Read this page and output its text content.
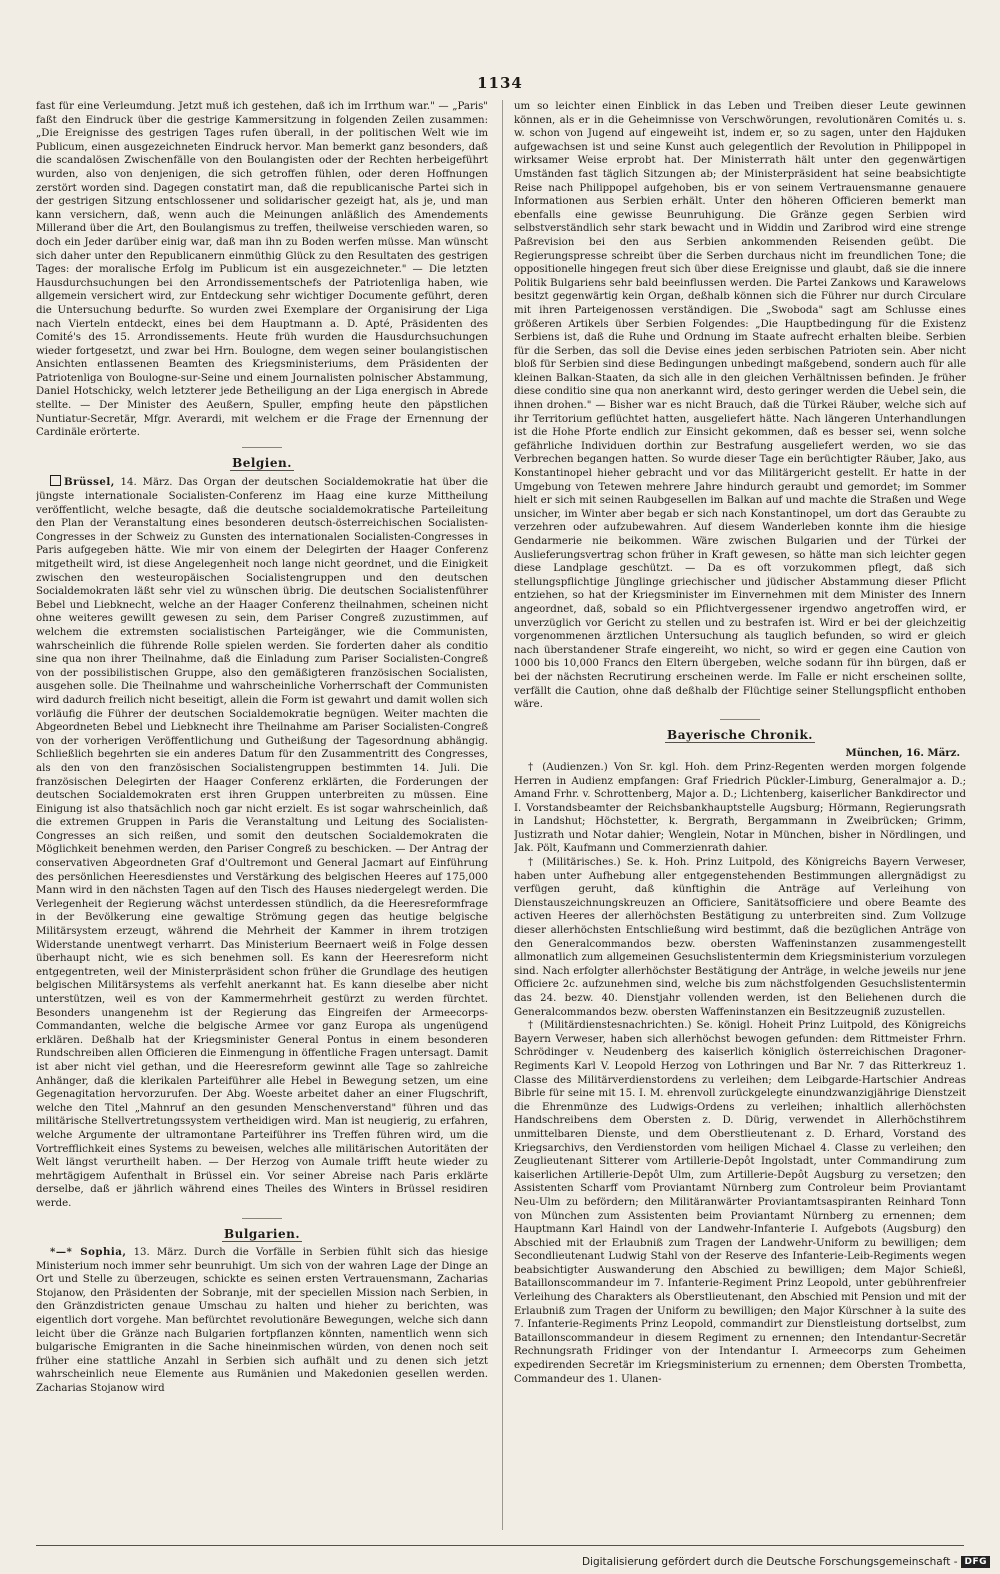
1134

fast für eine Verleumdung. Jetzt muß ich gestehen, daß ich im Irrthum war." — „Paris" faßt den Eindruck über die gestrige Kammersitzung in folgenden Zeilen zusammen: „Die Ereignisse des gestrigen Tages rufen überall, in der politischen Welt wie im Publicum, einen ausgezeichneten Eindruck hervor. Man bemerkt ganz besonders, daß die scandalösen Zwischenfälle von den Boulangisten oder der Rechten herbeigeführt wurden, also von denjenigen, die sich getroffen fühlen, oder deren Hoffnungen zerstört worden sind. Dagegen constatirt man, daß die republicanische Partei sich in der gestrigen Sitzung entschlossener und solidarischer gezeigt hat, als je, und man kann versichern, daß, wenn auch die Meinungen anläßlich des Amendements Millerand über die Art, den Boulangismus zu treffen, theilweise verschieden waren, so doch ein Jeder darüber einig war, daß man ihn zu Boden werfen müsse. Man wünscht sich daher unter den Republicanern einmüthig Glück zu den Resultaten des gestrigen Tages: der moralische Erfolg im Publicum ist ein ausgezeichneter." — Die letzten Hausdurchsuchungen bei den Arrondissementschefs der Patriotenliga haben, wie allgemein versichert wird, zur Entdeckung sehr wichtiger Documente geführt, deren die Untersuchung bedurfte. So wurden zwei Exemplare der Organisirung der Liga nach Vierteln entdeckt, eines bei dem Hauptmann a. D. Apté, Präsidenten des Comité's des 15. Arrondissements. Heute früh wurden die Hausdurchsuchungen wieder fortgesetzt, und zwar bei Hrn. Boulogne, dem wegen seiner boulangistischen Ansichten entlassenen Beamten des Kriegsministeriums, dem Präsidenten der Patriotenliga von Boulogne-sur-Seine und einem Journalisten polnischer Abstammung, Daniel Hotschicky, welch letzterer jede Betheiligung an der Liga energisch in Abrede stellte. — Der Minister des Aeußern, Spuller, empfing heute den päpstlichen Nuntiatur-Secretär, Mfgr. Averardi, mit welchem er die Frage der Ernennung der Cardinäle erörterte.

Belgien.

Brüssel, 14. März. Das Organ der deutschen Socialdemokratie hat über die jüngste internationale Socialisten-Conferenz im Haag eine kurze Mittheilung veröffentlicht, welche besagte, daß die deutsche socialdemokratische Parteileitung den Plan der Veranstaltung eines besonderen deutsch-österreichischen Socialisten-Congresses in der Schweiz zu Gunsten des internationalen Socialisten-Congresses in Paris aufgegeben hätte. Wie mir von einem der Delegirten der Haager Conferenz mitgetheilt wird, ist diese Angelegenheit noch lange nicht geordnet, und die Einigkeit zwischen den westeuropäischen Socialistengruppen und den deutschen Socialdemokraten läßt sehr viel zu wünschen übrig. Die deutschen Socialistenführer Bebel und Liebknecht, welche an der Haager Conferenz theilnahmen, scheinen nicht ohne weiteres gewillt gewesen zu sein, dem Pariser Congreß zuzustimmen, auf welchem die extremsten socialistischen Parteigänger, wie die Communisten, wahrscheinlich die führende Rolle spielen werden. Sie forderten daher als conditio sine qua non ihrer Theilnahme, daß die Einladung zum Pariser Socialisten-Congreß von der possibilistischen Gruppe, also den gemäßigteren französischen Socialisten, ausgehen solle. Die Theilnahme und wahrscheinliche Vorherrschaft der Communisten wird dadurch freilich nicht beseitigt, allein die Form ist gewahrt und damit wollen sich vorläufig die Führer der deutschen Socialdemokratie begnügen. Weiter machten die Abgeordneten Bebel und Liebknecht ihre Theilnahme am Pariser Socialisten-Congreß von der vorherigen Veröffentlichung und Gutheißung der Tagesordnung abhängig. Schließlich begehrten sie ein anderes Datum für den Zusammentritt des Congresses, als den von den französischen Socialistengruppen bestimmten 14. Juli. Die französischen Delegirten der Haager Conferenz erklärten, die Forderungen der deutschen Socialdemokraten erst ihren Gruppen unterbreiten zu müssen. Eine Einigung ist also thatsächlich noch gar nicht erzielt. Es ist sogar wahrscheinlich, daß die extremen Gruppen in Paris die Veranstaltung und Leitung des Socialisten-Congresses an sich reißen, und somit den deutschen Socialdemokraten die Möglichkeit benehmen werden, den Pariser Congreß zu beschicken. — Der Antrag der conservativen Abgeordneten Graf d'Oultremont und General Jacmart auf Einführung des persönlichen Heeresdienstes und Verstärkung des belgischen Heeres auf 175,000 Mann wird in den nächsten Tagen auf den Tisch des Hauses niedergelegt werden. Die Verlegenheit der Regierung wächst unterdessen stündlich, da die Heeresreformfrage in der Bevölkerung eine gewaltige Strömung gegen das heutige belgische Militärsystem erzeugt, während die Mehrheit der Kammer in ihrem trotzigen Widerstande unentwegt verharrt. Das Ministerium Beernaert weiß in Folge dessen überhaupt nicht, wie es sich benehmen soll. Es kann der Heeresreform nicht entgegentreten, weil der Ministerpräsident schon früher die Grundlage des heutigen belgischen Militärsystems als verfehlt anerkannt hat. Es kann dieselbe aber nicht unterstützen, weil es von der Kammermehrheit gestürzt zu werden fürchtet. Besonders unangenehm ist der Regierung das Eingreifen der Armeecorps-Commandanten, welche die belgische Armee vor ganz Europa als ungenügend erklären. Deßhalb hat der Kriegsminister General Pontus in einem besonderen Rundschreiben allen Officieren die Einmengung in öffentliche Fragen untersagt. Damit ist aber nicht viel gethan, und die Heeresreform gewinnt alle Tage so zahlreiche Anhänger, daß die klerikalen Parteiführer alle Hebel in Bewegung setzen, um eine Gegenagitation hervorzurufen. Der Abg. Woeste arbeitet daher an einer Flugschrift, welche den Titel „Mahnruf an den gesunden Menschenverstand" führen und das militärische Stellvertretungssystem vertheidigen wird. Man ist neugierig, zu erfahren, welche Argumente der ultramontane Parteiführer ins Treffen führen wird, um die Vortrefflichkeit eines Systems zu beweisen, welches alle militärischen Autoritäten der Welt längst verurtheilt haben. — Der Herzog von Aumale trifft heute wieder zu mehrtägigem Aufenthalt in Brüssel ein. Vor seiner Abreise nach Paris erklärte derselbe, daß er jährlich während eines Theiles des Winters in Brüssel residiren werde.

Bulgarien.

*—* Sophia, 13. März. Durch die Vorfälle in Serbien fühlt sich das hiesige Ministerium noch immer sehr beunruhigt. Um sich von der wahren Lage der Dinge an Ort und Stelle zu überzeugen, schickte es seinen ersten Vertrauensmann, Zacharias Stojanow, den Präsidenten der Sobranje, mit der speciellen Mission nach Serbien, in den Gränzdistricten genaue Umschau zu halten und hieher zu berichten, was eigentlich dort vorgehe. Man befürchtet revolutionäre Bewegungen, welche sich dann leicht über die Gränze nach Bulgarien fortpflanzen könnten, namentlich wenn sich bulgarische Emigranten in die Sache hineinmischen würden, von denen noch seit früher eine stattliche Anzahl in Serbien sich aufhält und zu denen sich jetzt wahrscheinlich neue Elemente aus Rumänien und Makedonien gesellen werden. Zacharias Stojanow wird

um so leichter einen Einblick in das Leben und Treiben dieser Leute gewinnen können, als er in die Geheimnisse von Verschwörungen, revolutionären Comités u. s. w. schon von Jugend auf eingeweiht ist, indem er, so zu sagen, unter den Hajduken aufgewachsen ist und seine Kunst auch gelegentlich der Revolution in Philippopel in wirksamer Weise erprobt hat. Der Ministerrath hält unter den gegenwärtigen Umständen fast täglich Sitzungen ab; der Ministerpräsident hat seine beabsichtigte Reise nach Philippopel aufgehoben, bis er von seinem Vertrauensmanne genauere Informationen aus Serbien erhält. Unter den höheren Officieren bemerkt man ebenfalls eine gewisse Beunruhigung. Die Gränze gegen Serbien wird selbstverständlich sehr stark bewacht und in Widdin und Zaribrod wird eine strenge Paßrevision bei den aus Serbien ankommenden Reisenden geübt. Die Regierungspresse schreibt über die Serben durchaus nicht im freundlichen Tone; die oppositionelle hingegen freut sich über diese Ereignisse und glaubt, daß sie die innere Politik Bulgariens sehr bald beeinflussen werden. Die Partei Zankows und Karawelows besitzt gegenwärtig kein Organ, deßhalb können sich die Führer nur durch Circulare mit ihren Parteigenossen verständigen. Die „Swoboda" sagt am Schlusse eines größeren Artikels über Serbien Folgendes: „Die Hauptbedingung für die Existenz Serbiens ist, daß die Ruhe und Ordnung im Staate aufrecht erhalten bleibe. Serbien für die Serben, das soll die Devise eines jeden serbischen Patrioten sein. Aber nicht bloß für Serbien sind diese Bedingungen unbedingt maßgebend, sondern auch für alle kleinen Balkan-Staaten, da sich alle in den gleichen Verhältnissen befinden. Je früher diese conditio sine qua non anerkannt wird, desto geringer werden die Uebel sein, die ihnen drohen." — Bisher war es nicht Brauch, daß die Türkei Räuber, welche sich auf ihr Territorium geflüchtet hatten, ausgeliefert hätte. Nach längeren Unterhandlungen ist die Hohe Pforte endlich zur Einsicht gekommen, daß es besser sei, wenn solche gefährliche Individuen dorthin zur Bestrafung ausgeliefert werden, wo sie das Verbrechen begangen hatten. So wurde dieser Tage ein berüchtigter Räuber, Jako, aus Konstantinopel hieher gebracht und vor das Militärgericht gestellt. Er hatte in der Umgebung von Tetewen mehrere Jahre hindurch geraubt und gemordet; im Sommer hielt er sich mit seinen Raubgesellen im Balkan auf und machte die Straßen und Wege unsicher, im Winter aber begab er sich nach Konstantinopel, um dort das Geraubte zu verzehren oder aufzubewahren. Auf diesem Wanderleben konnte ihm die hiesige Gendarmerie nie beikommen. Wäre zwischen Bulgarien und der Türkei der Auslieferungsvertrag schon früher in Kraft gewesen, so hätte man sich leichter gegen diese Landplage geschützt. — Da es oft vorzukommen pflegt, daß sich stellungspflichtige Jünglinge griechischer und jüdischer Abstammung dieser Pflicht entziehen, so hat der Kriegsminister im Einvernehmen mit dem Minister des Innern angeordnet, daß, sobald so ein Pflichtvergessener irgendwo angetroffen wird, er unverzüglich vor Gericht zu stellen und zu bestrafen ist. Wird er bei der gleichzeitig vorgenommenen ärztlichen Untersuchung als tauglich befunden, so wird er gleich nach überstandener Strafe eingereiht, wo nicht, so wird er gegen eine Caution von 1000 bis 10,000 Francs den Eltern übergeben, welche sodann für ihn bürgen, daß er bei der nächsten Recrutirung erscheinen werde. Im Falle er nicht erscheinen sollte, verfällt die Caution, ohne daß deßhalb der Flüchtige seiner Stellungspflicht enthoben wäre.

Bayerische Chronik.
München, 16. März.

† (Audienzen.) Von Sr. kgl. Hoh. dem Prinz-Regenten werden morgen folgende Herren in Audienz empfangen: Graf Friedrich Pückler-Limburg, Generalmajor a. D.; Amand Frhr. v. Schrottenberg, Major a. D.; Lichtenberg, kaiserlicher Bankdirector und I. Vorstandsbeamter der Reichsbankhauptstelle Augsburg; Hörmann, Regierungsrath in Landshut; Höchstetter, k. Bergrath, Bergammann in Zweibrücken; Grimm, Justizrath und Notar dahier; Wenglein, Notar in München, bisher in Nördlingen, und Jak. Pölt, Kaufmann und Commerzienrath dahier.

† (Militärisches.) Se. k. Hoh. Prinz Luitpold, des Königreichs Bayern Verweser, haben unter Aufhebung aller entgegenstehenden Bestimmungen allergnädigst zu verfügen geruht, daß künftighin die Anträge auf Verleihung von Dienstauszeichnungskreuzen an Officiere, Sanitätsofficiere und obere Beamte des activen Heeres der allerhöchsten Bestätigung zu unterbreiten sind. Zum Vollzuge dieser allerhöchsten Entschließung wird bestimmt, daß die bezüglichen Anträge von den Generalcommandos bezw. obersten Waffeninstanzen zusammengestellt allmonatlich zum allgemeinen Gesuchslistentermin dem Kriegsministerium vorzulegen sind. Nach erfolgter allerhöchster Bestätigung der Anträge, in welche jeweils nur jene Officiere 2c. aufzunehmen sind, welche bis zum nächstfolgenden Gesuchslistentermin das 24. bezw. 40. Dienstjahr vollenden werden, ist den Beliehenen durch die Generalcommandos bezw. obersten Waffeninstanzen ein Besitzzeugniß zuzustellen.

† (Militärdienstesnachrichten.) Se. königl. Hoheit Prinz Luitpold, des Königreichs Bayern Verweser, haben sich allerhöchst bewogen gefunden: dem Rittmeister Frhrn. Schrödinger v. Neudenberg des kaiserlich königlich österreichischen Dragoner-Regiments Karl V. Leopold Herzog von Lothringen und Bar Nr. 7 das Ritterkreuz 1. Classe des Militärverdienstordens zu verleihen; dem Leibgarde-Hartschier Andreas Bibrle für seine mit 15. I. M. ehrenvoll zurückgelegte einundzwanzigjährige Dienstzeit die Ehrenmünze des Ludwigs-Ordens zu verleihen; inhaltlich allerhöchsten Handschreibens dem Obersten z. D. Dürig, verwendet in Allerhöchstihrem unmittelbaren Dienste, und dem Oberstlieutenant z. D. Erhard, Vorstand des Kriegsarchivs, den Verdienstorden vom heiligen Michael 4. Classe zu verleihen; den Zeuglieutenant Sitterer vom Artillerie-Depôt Ingolstadt, unter Commandirung zum kaiserlichen Artillerie-Depôt Ulm, zum Artillerie-Depôt Augsburg zu versetzen; den Assistenten Scharff vom Proviantamt Nürnberg zum Controleur beim Proviantamt Neu-Ulm zu befördern; den Militäranwärter Proviantamtsaspiranten Reinhard Tonn von München zum Assistenten beim Proviantamt Nürnberg zu ernennen; dem Hauptmann Karl Haindl von der Landwehr-Infanterie I. Aufgebots (Augsburg) den Abschied mit der Erlaubniß zum Tragen der Landwehr-Uniform zu bewilligen; dem Secondlieutenant Ludwig Stahl von der Reserve des Infanterie-Leib-Regiments wegen beabsichtigter Auswanderung den Abschied zu bewilligen; dem Major Schießl, Bataillonscommandeur im 7. Infanterie-Regiment Prinz Leopold, unter gebührenfreier Verleihung des Charakters als Oberstlieutenant, den Abschied mit Pension und mit der Erlaubniß zum Tragen der Uniform zu bewilligen; den Major Kürschner à la suite des 7. Infanterie-Regiments Prinz Leopold, commandirt zur Dienstleistung dortselbst, zum Bataillonscommandeur in diesem Regiment zu ernennen; den Intendantur-Secretär Rechnungsrath Fridinger von der Intendantur I. Armeecorps zum Geheimen expedirenden Secretär im Kriegsministerium zu ernennen; dem Obersten Trombetta, Commandeur des 1. Ulanen-

Digitalisierung gefördert durch die Deutsche Forschungsgemeinschaft - DFG
